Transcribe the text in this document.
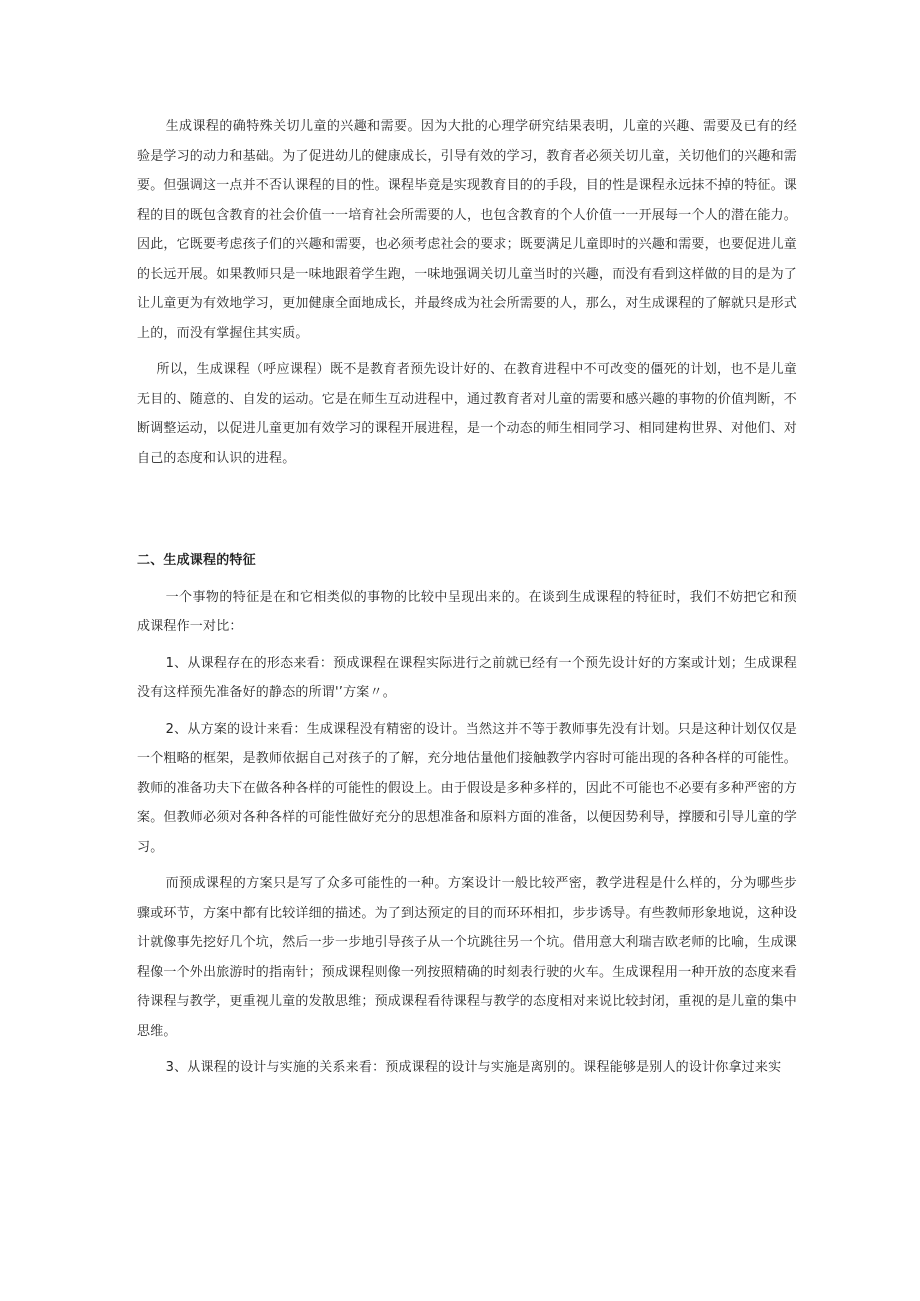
生成课程的确特殊关切儿童的兴趣和需要。因为大批的心理学研究结果表明，儿童的兴趣、需要及已有的经验是学习的动力和基础。为了促进幼儿的健康成长，引导有效的学习，教育者必须关切儿童，关切他们的兴趣和需要。但强调这一点并不否认课程的目的性。课程毕竟是实现教育目的的手段，目的性是课程永远抹不掉的特征。课程的目的既包含教育的社会价值一一培育社会所需要的人，也包含教育的个人价值一一开展每一个人的潜在能力。因此，它既要考虑孩子们的兴趣和需要，也必须考虑社会的要求；既要满足儿童即时的兴趣和需要，也要促进儿童的长远开展。如果教师只是一味地跟着学生跑，一味地强调关切儿童当时的兴趣，而没有看到这样做的目的是为了让儿童更为有效地学习，更加健康全面地成长，并最终成为社会所需要的人，那么，对生成课程的了解就只是形式上的，而没有掌握住其实质。

所以，生成课程（呼应课程）既不是教育者预先设计好的、在教育进程中不可改变的僵死的计划，也不是儿童无目的、随意的、自发的运动。它是在师生互动进程中，通过教育者对儿童的需要和感兴趣的事物的价值判断，不断调整运动，以促进儿童更加有效学习的课程开展进程，是一个动态的师生相同学习、相同建构世界、对他们、对自己的态度和认识的进程。

二、生成课程的特征

一个事物的特征是在和它相类似的事物的比较中呈现出来的。在谈到生成课程的特征时，我们不妨把它和预成课程作一对比：

1、从课程存在的形态来看：预成课程在课程实际进行之前就已经有一个预先设计好的方案或计划；生成课程没有这样预先准备好的静态的所谓'’方案〃。

2、从方案的设计来看：生成课程没有精密的设计。当然这并不等于教师事先没有计划。只是这种计划仅仅是一个粗略的框架，是教师依据自己对孩子的了解，充分地估量他们接触教学内容时可能出现的各种各样的可能性。教师的准备功夫下在做各种各样的可能性的假设上。由于假设是多种多样的，因此不可能也不必要有多种严密的方案。但教师必须对各种各样的可能性做好充分的思想准备和原料方面的准备，以便因势利导，撑腰和引导儿童的学习。

而预成课程的方案只是写了众多可能性的一种。方案设计一般比较严密，教学进程是什么样的，分为哪些步骤或环节，方案中都有比较详细的描述。为了到达预定的目的而环环相扣，步步诱导。有些教师形象地说，这种设计就像事先挖好几个坑，然后一步一步地引导孩子从一个坑跳往另一个坑。借用意大利瑞吉欧老师的比喻，生成课程像一个外出旅游时的指南针；预成课程则像一列按照精确的时刻表行驶的火车。生成课程用一种开放的态度来看待课程与教学，更重视儿童的发散思维；预成课程看待课程与教学的态度相对来说比较封闭，重视的是儿童的集中思维。

3、从课程的设计与实施的关系来看：预成课程的设计与实施是离别的。课程能够是别人的设计你拿过来实
